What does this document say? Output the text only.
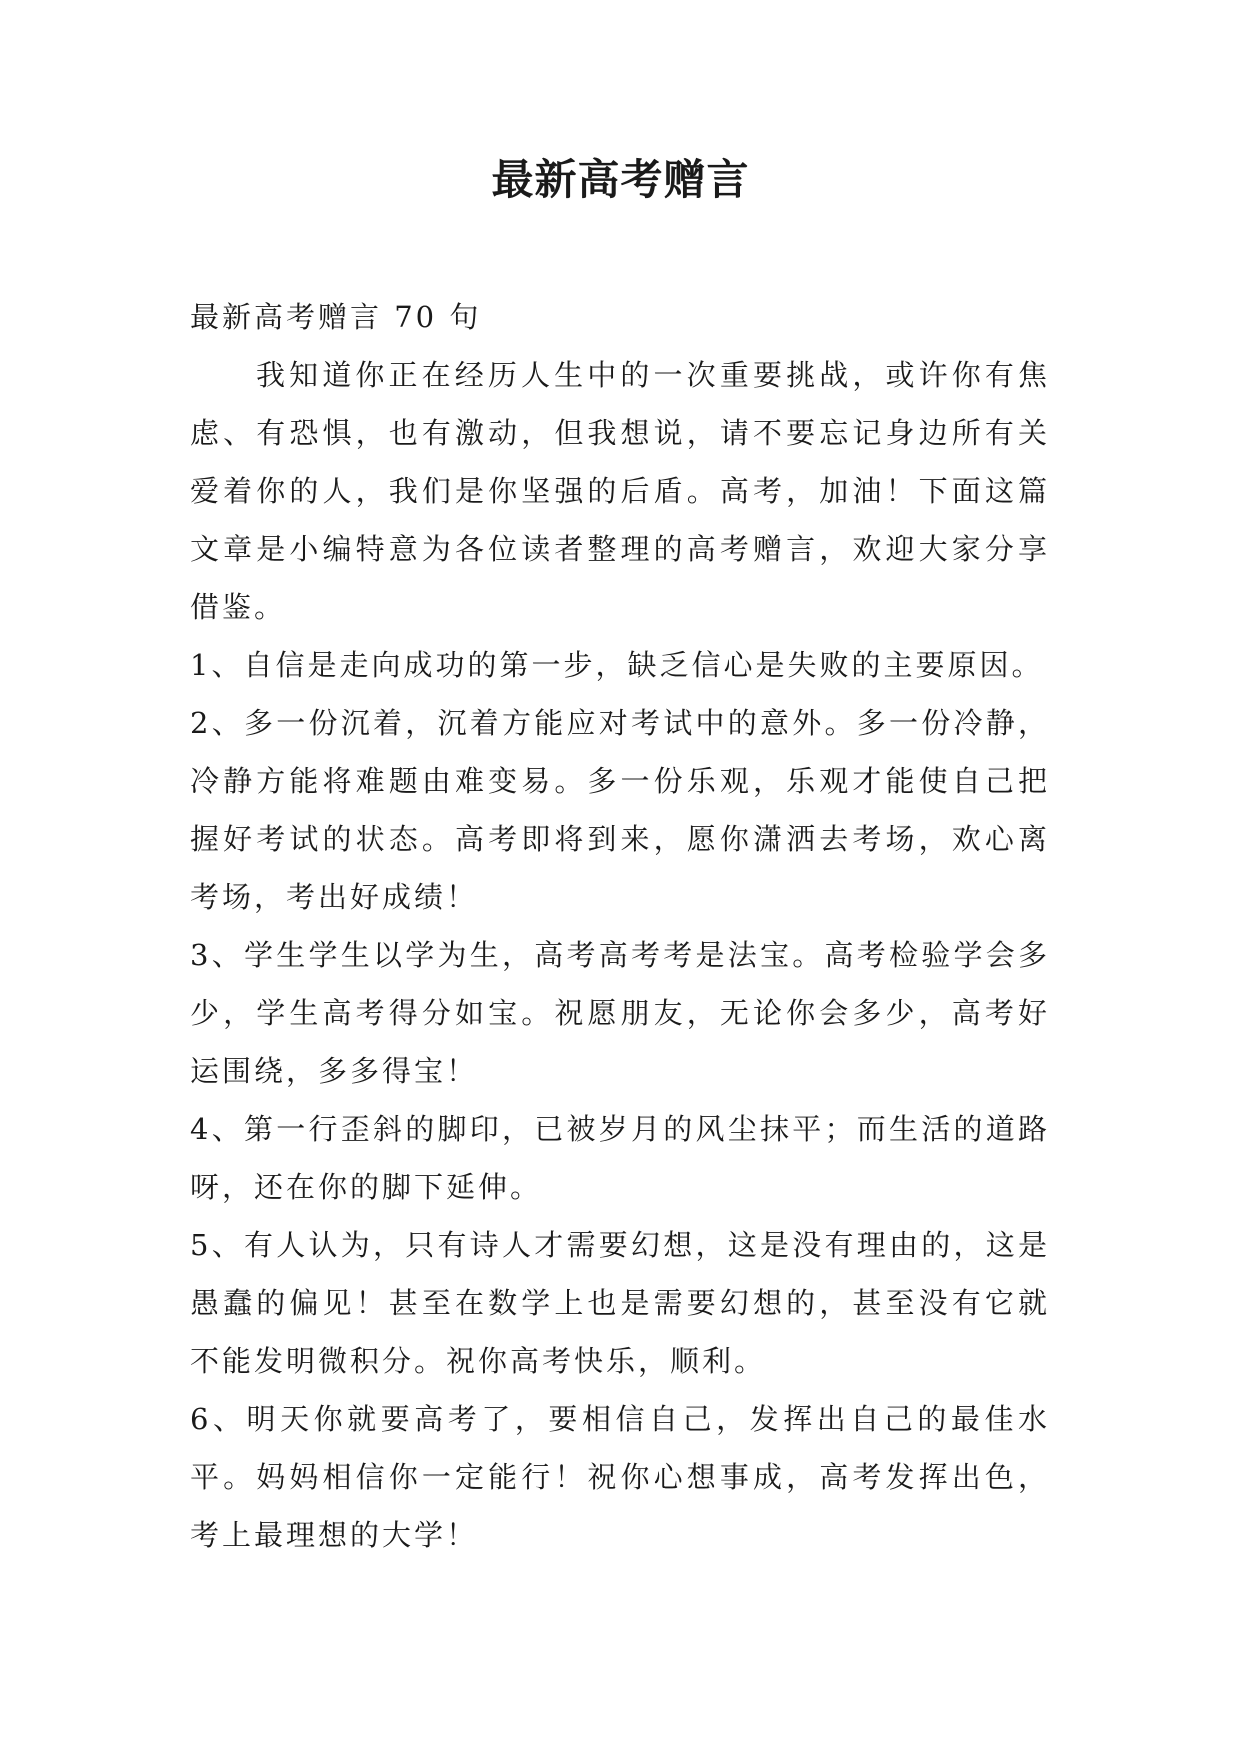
最新高考赠言

最新高考赠言 70 句

我知道你正在经历人生中的一次重要挑战，或许你有焦虑、有恐惧，也有激动，但我想说，请不要忘记身边所有关爱着你的人，我们是你坚强的后盾。高考，加油！下面这篇文章是小编特意为各位读者整理的高考赠言，欢迎大家分享借鉴。

1、自信是走向成功的第一步，缺乏信心是失败的主要原因。

2、多一份沉着，沉着方能应对考试中的意外。多一份冷静，冷静方能将难题由难变易。多一份乐观，乐观才能使自己把握好考试的状态。高考即将到来，愿你潇洒去考场，欢心离考场，考出好成绩！

3、学生学生以学为生，高考高考考是法宝。高考检验学会多少，学生高考得分如宝。祝愿朋友，无论你会多少，高考好运围绕，多多得宝！

4、第一行歪斜的脚印，已被岁月的风尘抹平；而生活的道路呀，还在你的脚下延伸。

5、有人认为，只有诗人才需要幻想，这是没有理由的，这是愚蠢的偏见！甚至在数学上也是需要幻想的，甚至没有它就不能发明微积分。祝你高考快乐，顺利。

6、明天你就要高考了，要相信自己，发挥出自己的最佳水平。妈妈相信你一定能行！祝你心想事成，高考发挥出色，考上最理想的大学！
